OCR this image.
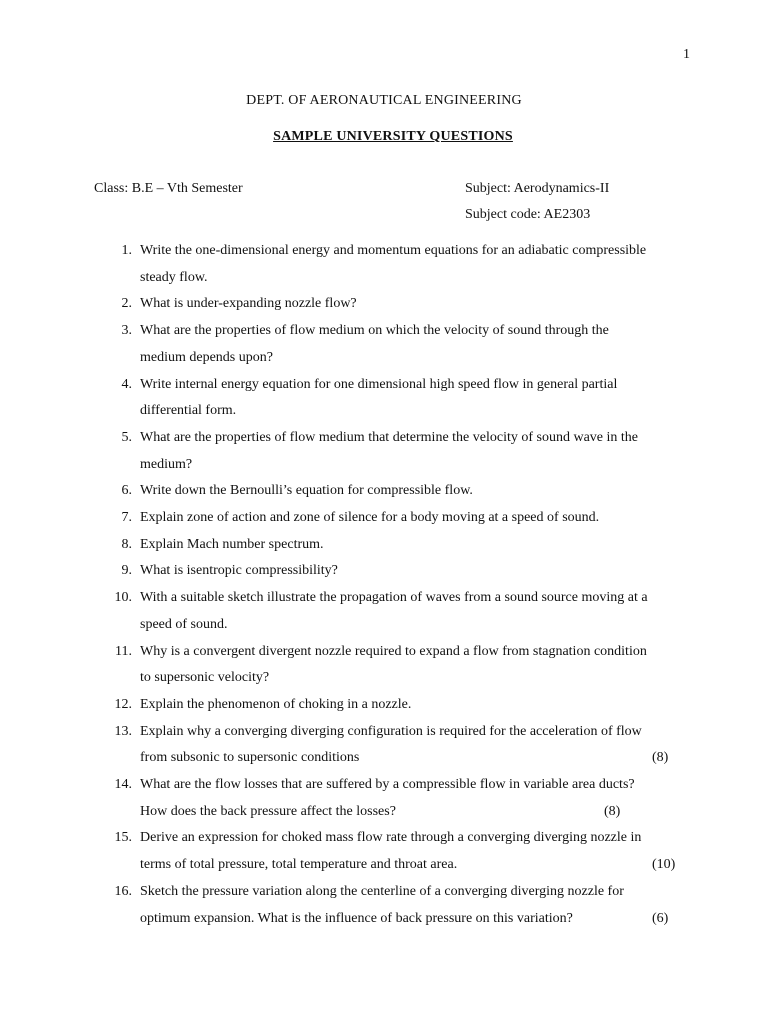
1
DEPT. OF AERONAUTICAL ENGINEERING
SAMPLE UNIVERSITY QUESTIONS
Class: B.E – Vth Semester	Subject: Aerodynamics-II
Subject code: AE2303
1. Write the one-dimensional energy and momentum equations for an adiabatic compressible
steady flow.
2. What is under-expanding nozzle flow?
3. What are the properties of flow medium on which the velocity of sound through the
medium depends upon?
4. Write internal energy equation for one dimensional high speed flow in general partial
differential form.
5. What are the properties of flow medium that determine the velocity of sound wave in the
medium?
6. Write down the Bernoulli’s equation for compressible flow.
7. Explain zone of action and zone of silence for a body moving at a speed of sound.
8. Explain Mach number spectrum.
9. What is isentropic compressibility?
10. With a suitable sketch illustrate the propagation of waves from a sound source moving at a
speed of sound.
11. Why is a convergent divergent nozzle required to expand a flow from stagnation condition
to supersonic velocity?
12. Explain the phenomenon of choking in a nozzle.
13. Explain why a converging diverging configuration is required for the acceleration of flow
from subsonic to supersonic conditions	(8)
14. What are the flow losses that are suffered by a compressible flow in variable area ducts?
How does the back pressure affect the losses?	(8)
15. Derive an expression for choked mass flow rate through a converging diverging nozzle in
terms of total pressure, total temperature and throat area.	(10)
16. Sketch the pressure variation along the centerline of a converging diverging nozzle for
optimum expansion. What is the influence of back pressure on this variation?	(6)
